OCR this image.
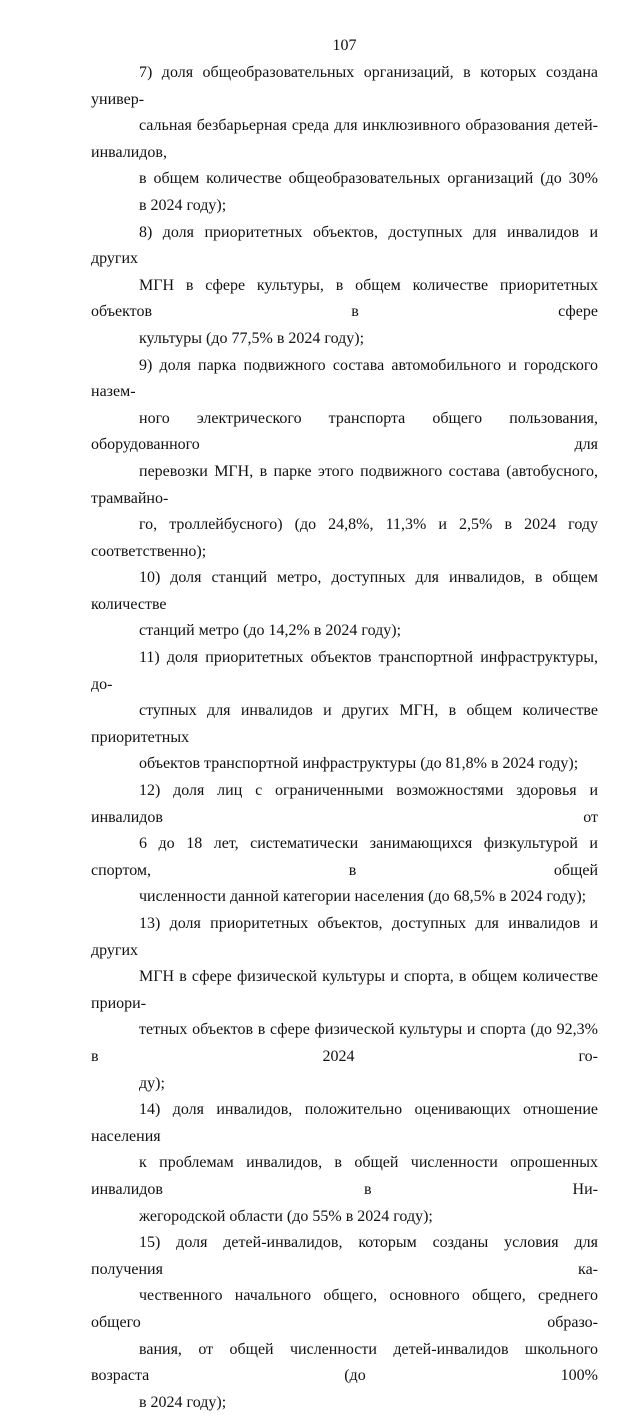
107

7) доля общеобразовательных организаций, в которых создана универ-
сальная безбарьерная среда для инклюзивного образования детей-инвалидов,
в общем количестве общеобразовательных организаций (до 30%
в 2024 году);

8) доля приоритетных объектов, доступных для инвалидов и других
МГН в сфере культуры, в общем количестве приоритетных объектов в сфере
культуры (до 77,5% в 2024 году);

9) доля парка подвижного состава автомобильного и городского назем-
ного электрического транспорта общего пользования, оборудованного для
перевозки МГН, в парке этого подвижного состава (автобусного, трамвайно-
го, троллейбусного) (до 24,8%, 11,3% и 2,5% в 2024 году соответственно);

10) доля станций метро, доступных для инвалидов, в общем количестве
станций метро (до 14,2% в 2024 году);

11) доля приоритетных объектов транспортной инфраструктуры, до-
ступных для инвалидов и других МГН, в общем количестве приоритетных
объектов транспортной инфраструктуры (до 81,8% в 2024 году);

12) доля лиц с ограниченными возможностями здоровья и инвалидов от
6 до 18 лет, систематически занимающихся физкультурой и спортом, в общей
численности данной категории населения (до 68,5% в 2024 году);

13) доля приоритетных объектов, доступных для инвалидов и других
МГН в сфере физической культуры и спорта, в общем количестве приори-
тетных объектов в сфере физической культуры и спорта (до 92,3% в 2024 го-
ду);

14) доля инвалидов, положительно оценивающих отношение населения
к проблемам инвалидов, в общей численности опрошенных инвалидов в Ни-
жегородской области (до 55% в 2024 году);

15) доля детей-инвалидов, которым созданы условия для получения ка-
чественного начального общего, основного общего, среднего общего образо-
вания, от общей численности детей-инвалидов школьного возраста (до 100%
в 2024 году);
